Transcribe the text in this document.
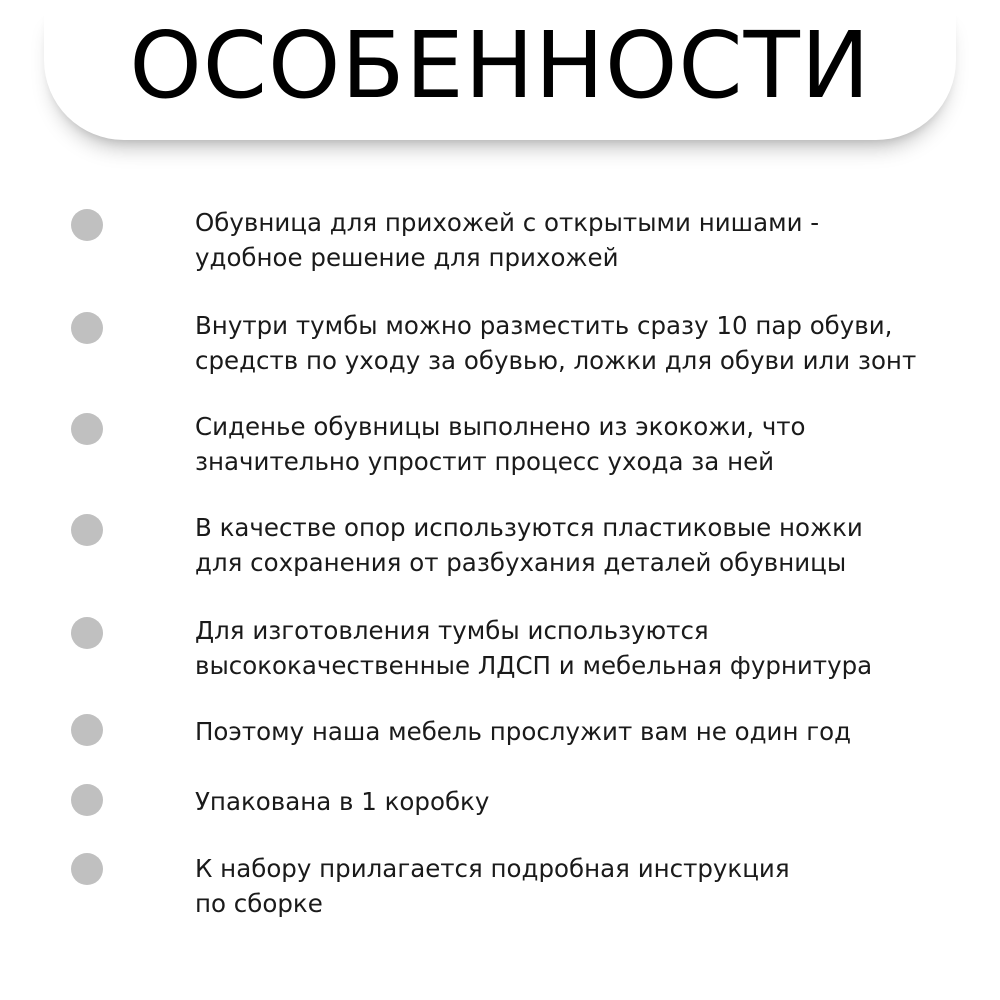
ОСОБЕННОСТИ
Обувница для прихожей с открытыми нишами -
удобное решение для прихожей
Внутри тумбы можно разместить сразу 10 пар обуви,
средств по уходу за обувью, ложки для обуви или зонт
Сиденье обувницы выполнено из экокожи, что
значительно упростит процесс ухода за ней
В качестве опор используются пластиковые ножки
для сохранения от разбухания деталей обувницы
Для изготовления тумбы используются
высококачественные ЛДСП и мебельная фурнитура
Поэтому наша мебель прослужит вам не один год
Упакована в 1 коробку
К набору прилагается подробная инструкция
по сборке
